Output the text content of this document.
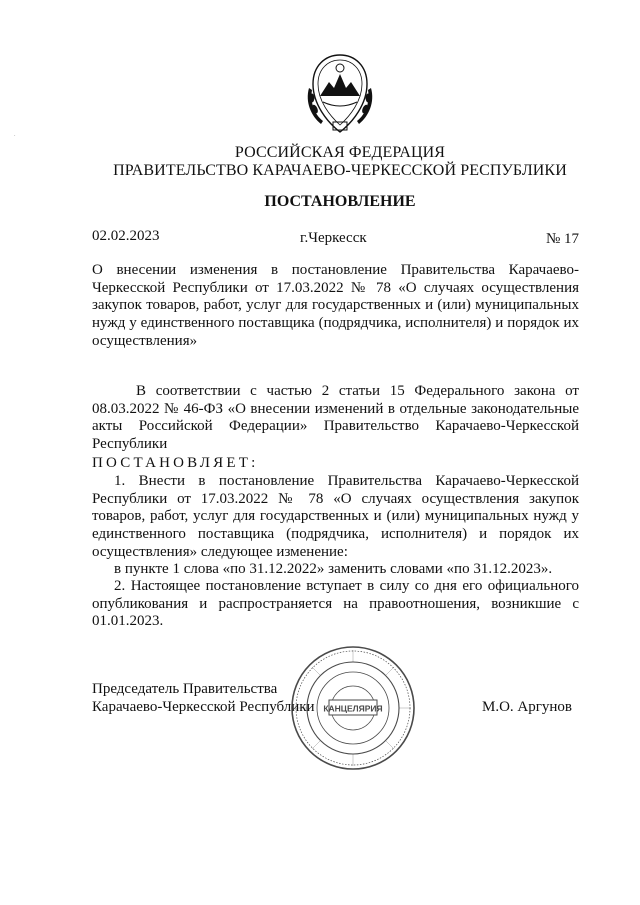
.
РОССИЙСКАЯ ФЕДЕРАЦИЯ
ПРАВИТЕЛЬСТВО КАРАЧАЕВО-ЧЕРКЕССКОЙ РЕСПУБЛИКИ
ПОСТАНОВЛЕНИЕ
02.02.2023	г.Черкесск	№ 17

О внесении изменения в постановление Правительства Карачаево-Черкесской Республики от 17.03.2022 № 78 «О случаях осуществления закупок товаров, работ, услуг для государственных и (или) муниципальных нужд у единственного поставщика (подрядчика, исполнителя) и порядок их осуществления»

В соответствии с частью 2 статьи 15 Федерального закона от 08.03.2022 № 46-ФЗ «О внесении изменений в отдельные законодательные акты Российской Федерации» Правительство Карачаево-Черкесской Республики

ПОСТАНОВЛЯЕТ:

1. Внести в постановление Правительства Карачаево-Черкесской Республики от 17.03.2022 № 78 «О случаях осуществления закупок товаров, работ, услуг для государственных и (или) муниципальных нужд у единственного поставщика (подрядчика, исполнителя) и порядок их осуществления» следующее изменение:

в пункте 1 слова «по 31.12.2022» заменить словами «по 31.12.2023».

2. Настоящее постановление вступает в силу со дня его официального опубликования и распространяется на правоотношения, возникшие с 01.01.2023.

Председатель Правительства
Карачаево-Черкесской Республики	М.О. Аргунов
КАНЦЕЛЯРИЯ
